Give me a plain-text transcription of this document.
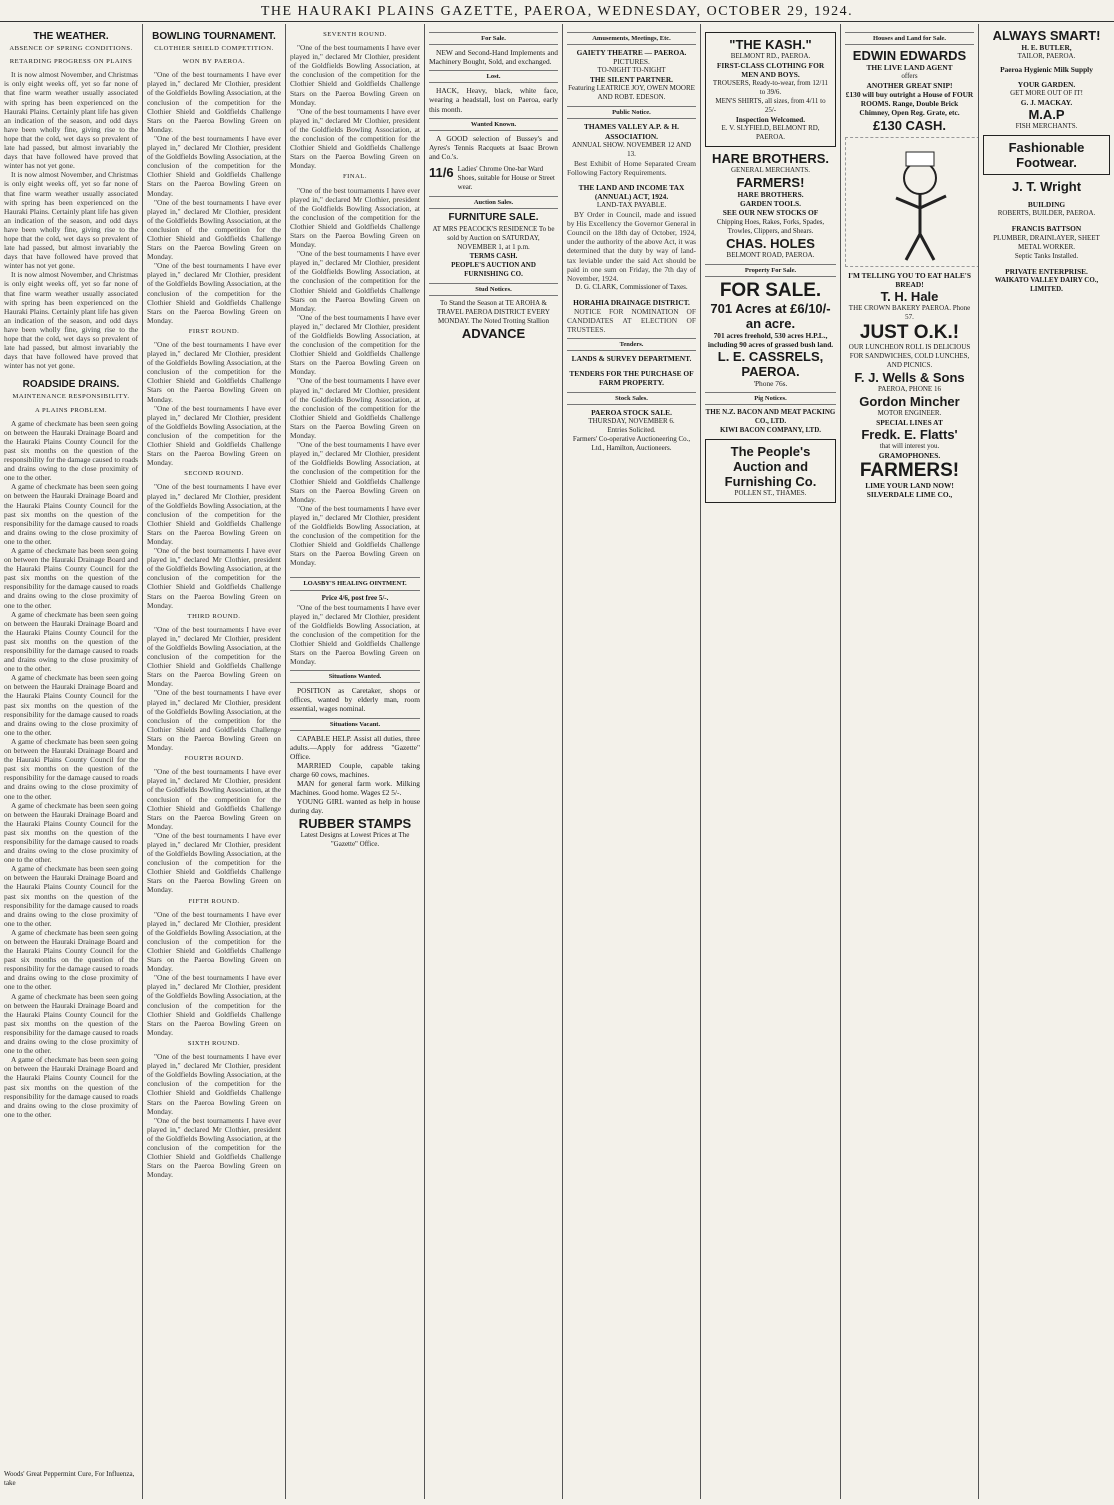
THE HAURAKI PLAINS GAZETTE, PAEROA, WEDNESDAY, OCTOBER 29, 1924.
THE WEATHER.
ABSENCE OF SPRING CONDITIONS.
RETARDING PROGRESS ON PLAINS

It is now almost November, and Christmas is only eight weeks off, yet so far none of that fine warm weather usually associated with spring has been experienced on the Hauraki Plains. Certainly plant life has given an indication of the season, and odd days have been wholly fine, giving rise to the hope that the cold, wet days so prevalent of late had passed, but almost invariably the days that have followed have proved that winter has not yet gone.

It is now almost November, and Christmas is only eight weeks off, yet so far none of that fine warm weather usually associated with spring has been experienced on the Hauraki Plains. Certainly plant life has given an indication of the season, and odd days have been wholly fine, giving rise to the hope that the cold, wet days so prevalent of late had passed, but almost invariably the days that have followed have proved that winter has not yet gone.

It is now almost November, and Christmas is only eight weeks off, yet so far none of that fine warm weather usually associated with spring has been experienced on the Hauraki Plains. Certainly plant life has given an indication of the season, and odd days have been wholly fine, giving rise to the hope that the cold, wet days so prevalent of late had passed, but almost invariably the days that have followed have proved that winter has not yet gone.

ROADSIDE DRAINS.
MAINTENANCE RESPONSIBILITY.
A PLAINS PROBLEM.

A game of checkmate has been seen going on between the Hauraki Drainage Board and the Hauraki Plains County Council for the past six months on the question of the responsibility for the damage caused to roads and drains owing to the close proximity of one to the other.

A game of checkmate has been seen going on between the Hauraki Drainage Board and the Hauraki Plains County Council for the past six months on the question of the responsibility for the damage caused to roads and drains owing to the close proximity of one to the other.

A game of checkmate has been seen going on between the Hauraki Drainage Board and the Hauraki Plains County Council for the past six months on the question of the responsibility for the damage caused to roads and drains owing to the close proximity of one to the other.

A game of checkmate has been seen going on between the Hauraki Drainage Board and the Hauraki Plains County Council for the past six months on the question of the responsibility for the damage caused to roads and drains owing to the close proximity of one to the other.

A game of checkmate has been seen going on between the Hauraki Drainage Board and the Hauraki Plains County Council for the past six months on the question of the responsibility for the damage caused to roads and drains owing to the close proximity of one to the other.

A game of checkmate has been seen going on between the Hauraki Drainage Board and the Hauraki Plains County Council for the past six months on the question of the responsibility for the damage caused to roads and drains owing to the close proximity of one to the other.

A game of checkmate has been seen going on between the Hauraki Drainage Board and the Hauraki Plains County Council for the past six months on the question of the responsibility for the damage caused to roads and drains owing to the close proximity of one to the other.

A game of checkmate has been seen going on between the Hauraki Drainage Board and the Hauraki Plains County Council for the past six months on the question of the responsibility for the damage caused to roads and drains owing to the close proximity of one to the other.

A game of checkmate has been seen going on between the Hauraki Drainage Board and the Hauraki Plains County Council for the past six months on the question of the responsibility for the damage caused to roads and drains owing to the close proximity of one to the other.

A game of checkmate has been seen going on between the Hauraki Drainage Board and the Hauraki Plains County Council for the past six months on the question of the responsibility for the damage caused to roads and drains owing to the close proximity of one to the other.

A game of checkmate has been seen going on between the Hauraki Drainage Board and the Hauraki Plains County Council for the past six months on the question of the responsibility for the damage caused to roads and drains owing to the close proximity of one to the other.

Woods' Great Peppermint Cure, For Influenza, take
BOWLING TOURNAMENT.
CLOTHIER SHIELD COMPETITION.
WON BY PAEROA.

"One of the best tournaments I have ever played in," declared Mr Clothier, president of the Goldfields Bowling Association, at the conclusion of the competition for the Clothier Shield and Goldfields Challenge Stars on the Paeroa Bowling Green on Monday.

"One of the best tournaments I have ever played in," declared Mr Clothier, president of the Goldfields Bowling Association, at the conclusion of the competition for the Clothier Shield and Goldfields Challenge Stars on the Paeroa Bowling Green on Monday.

"One of the best tournaments I have ever played in," declared Mr Clothier, president of the Goldfields Bowling Association, at the conclusion of the competition for the Clothier Shield and Goldfields Challenge Stars on the Paeroa Bowling Green on Monday.

"One of the best tournaments I have ever played in," declared Mr Clothier, president of the Goldfields Bowling Association, at the conclusion of the competition for the Clothier Shield and Goldfields Challenge Stars on the Paeroa Bowling Green on Monday.

FIRST ROUND.

"One of the best tournaments I have ever played in," declared Mr Clothier, president of the Goldfields Bowling Association, at the conclusion of the competition for the Clothier Shield and Goldfields Challenge Stars on the Paeroa Bowling Green on Monday.

"One of the best tournaments I have ever played in," declared Mr Clothier, president of the Goldfields Bowling Association, at the conclusion of the competition for the Clothier Shield and Goldfields Challenge Stars on the Paeroa Bowling Green on Monday.

SECOND ROUND.

"One of the best tournaments I have ever played in," declared Mr Clothier, president of the Goldfields Bowling Association, at the conclusion of the competition for the Clothier Shield and Goldfields Challenge Stars on the Paeroa Bowling Green on Monday.

"One of the best tournaments I have ever played in," declared Mr Clothier, president of the Goldfields Bowling Association, at the conclusion of the competition for the Clothier Shield and Goldfields Challenge Stars on the Paeroa Bowling Green on Monday.

THIRD ROUND.

"One of the best tournaments I have ever played in," declared Mr Clothier, president of the Goldfields Bowling Association, at the conclusion of the competition for the Clothier Shield and Goldfields Challenge Stars on the Paeroa Bowling Green on Monday.

"One of the best tournaments I have ever played in," declared Mr Clothier, president of the Goldfields Bowling Association, at the conclusion of the competition for the Clothier Shield and Goldfields Challenge Stars on the Paeroa Bowling Green on Monday.

FOURTH ROUND.

"One of the best tournaments I have ever played in," declared Mr Clothier, president of the Goldfields Bowling Association, at the conclusion of the competition for the Clothier Shield and Goldfields Challenge Stars on the Paeroa Bowling Green on Monday.

"One of the best tournaments I have ever played in," declared Mr Clothier, president of the Goldfields Bowling Association, at the conclusion of the competition for the Clothier Shield and Goldfields Challenge Stars on the Paeroa Bowling Green on Monday.

FIFTH ROUND.

"One of the best tournaments I have ever played in," declared Mr Clothier, president of the Goldfields Bowling Association, at the conclusion of the competition for the Clothier Shield and Goldfields Challenge Stars on the Paeroa Bowling Green on Monday.

"One of the best tournaments I have ever played in," declared Mr Clothier, president of the Goldfields Bowling Association, at the conclusion of the competition for the Clothier Shield and Goldfields Challenge Stars on the Paeroa Bowling Green on Monday.

SIXTH ROUND.

"One of the best tournaments I have ever played in," declared Mr Clothier, president of the Goldfields Bowling Association, at the conclusion of the competition for the Clothier Shield and Goldfields Challenge Stars on the Paeroa Bowling Green on Monday.

"One of the best tournaments I have ever played in," declared Mr Clothier, president of the Goldfields Bowling Association, at the conclusion of the competition for the Clothier Shield and Goldfields Challenge Stars on the Paeroa Bowling Green on Monday.

SEVENTH ROUND.

"One of the best tournaments I have ever played in," declared Mr Clothier, president of the Goldfields Bowling Association, at the conclusion of the competition for the Clothier Shield and Goldfields Challenge Stars on the Paeroa Bowling Green on Monday.

"One of the best tournaments I have ever played in," declared Mr Clothier, president of the Goldfields Bowling Association, at the conclusion of the competition for the Clothier Shield and Goldfields Challenge Stars on the Paeroa Bowling Green on Monday.

FINAL.

"One of the best tournaments I have ever played in," declared Mr Clothier, president of the Goldfields Bowling Association, at the conclusion of the competition for the Clothier Shield and Goldfields Challenge Stars on the Paeroa Bowling Green on Monday.

"One of the best tournaments I have ever played in," declared Mr Clothier, president of the Goldfields Bowling Association, at the conclusion of the competition for the Clothier Shield and Goldfields Challenge Stars on the Paeroa Bowling Green on Monday.

"One of the best tournaments I have ever played in," declared Mr Clothier, president of the Goldfields Bowling Association, at the conclusion of the competition for the Clothier Shield and Goldfields Challenge Stars on the Paeroa Bowling Green on Monday.

"One of the best tournaments I have ever played in," declared Mr Clothier, president of the Goldfields Bowling Association, at the conclusion of the competition for the Clothier Shield and Goldfields Challenge Stars on the Paeroa Bowling Green on Monday.

"One of the best tournaments I have ever played in," declared Mr Clothier, president of the Goldfields Bowling Association, at the conclusion of the competition for the Clothier Shield and Goldfields Challenge Stars on the Paeroa Bowling Green on Monday.

"One of the best tournaments I have ever played in," declared Mr Clothier, president of the Goldfields Bowling Association, at the conclusion of the competition for the Clothier Shield and Goldfields Challenge Stars on the Paeroa Bowling Green on Monday.

LOASBY'S HEALING OINTMENT.
Price 4/6, post free 5/-.

"One of the best tournaments I have ever played in," declared Mr Clothier, president of the Goldfields Bowling Association, at the conclusion of the competition for the Clothier Shield and Goldfields Challenge Stars on the Paeroa Bowling Green on Monday.

Situations Wanted.

POSITION as Caretaker, shops or offices, wanted by elderly man, room essential, wages nominal.

Situations Vacant.

CAPABLE HELP. Assist all duties, three adults.—Apply for address "Gazette" Office.

MARRIED Couple, capable taking charge 60 cows, machines.

MAN for general farm work. Milking Machines. Good home. Wages £2 5/-.

YOUNG GIRL wanted as help in house during day.

RUBBER STAMPS
Latest Designs at Lowest Prices at The "Gazette" Office.
For Sale.

NEW and Second-Hand Implements and Machinery Bought, Sold, and exchanged.

Lost.

HACK, Heavy, black, white face, wearing a headstall, lost on Paeroa, early this month.

Wanted Known.

A GOOD selection of Bussey's and Ayres's Tennis Racquets at Isaac Brown and Co.'s.

11/6 Ladies' Chrome One-bar Ward Shoes, suitable for House or Street wear.
Auction Sales.
FURNITURE SALE.

AT MRS PEACOCK'S RESIDENCE To be sold by Auction on SATURDAY, NOVEMBER 1, at 1 p.m.

TERMS CASH.
PEOPLE'S AUCTION AND FURNISHING CO.
Stud Notices.

To Stand the Season at TE AROHA & TRAVEL PAEROA DISTRICT EVERY MONDAY. The Noted Trotting Stallion

ADVANCE
Amusements, Meetings, Etc.
GAIETY THEATRE — PAEROA.
PICTURES.
TO-NIGHT TO-NIGHT
THE SILENT PARTNER.
Featuring LEATRICE JOY, OWEN MOORE AND ROBT. EDESON.
Public Notice.
THAMES VALLEY A.P. & H. ASSOCIATION.
ANNUAL SHOW. NOVEMBER 12 AND 13.

Best Exhibit of Home Separated Cream Following Factory Requirements.

THE LAND AND INCOME TAX (ANNUAL) ACT, 1924.
LAND-TAX PAYABLE.

BY Order in Council, made and issued by His Excellency the Governor General in Council on the 18th day of October, 1924, under the authority of the above Act, it was determined that the duty by way of land-tax leviable under the said Act should be paid in one sum on Friday, the 7th day of November, 1924.

D. G. CLARK, Commissioner of Taxes.
HORAHIA DRAINAGE DISTRICT.

NOTICE FOR NOMINATION OF CANDIDATES AT ELECTION OF TRUSTEES.

Tenders.
LANDS & SURVEY DEPARTMENT.
TENDERS FOR THE PURCHASE OF FARM PROPERTY.
Stock Sales.
PAEROA STOCK SALE.
THURSDAY, NOVEMBER 6.
Entries Solicited.
Farmers' Co-operative Auctioneering Co., Ltd., Hamilton, Auctioneers.
"THE KASH."
BELMONT RD., PAEROA.
FIRST-CLASS CLOTHING FOR MEN AND BOYS.
TROUSERS, Ready-to-wear, from 12/11 to 39/6.
MEN'S SHIRTS, all sizes, from 4/11 to 25/-
Inspection Welcomed.
E. V. SLYFIELD, BELMONT RD, PAEROA.
HARE BROTHERS.
GENERAL MERCHANTS.
FARMERS!
HARE BROTHERS.
GARDEN TOOLS.
SEE OUR NEW STOCKS OF
Chipping Hoes, Rakes, Forks, Spades, Trowles, Clippers, and Shears.
CHAS. HOLES
BELMONT ROAD, PAEROA.
Property For Sale.
FOR SALE.
701 Acres at £6/10/- an acre.
701 acres freehold, 530 acres H.P.L., including 90 acres of grassed bush land.
L. E. CASSRELS, PAEROA.
'Phone 76s.
Pig Notices.
THE N.Z. BACON AND MEAT PACKING CO., LTD.
KIWI BACON COMPANY, LTD.
The People's Auction and Furnishing Co.
POLLEN ST., THAMES.
Houses and Land for Sale.
EDWIN EDWARDS
THE LIVE LAND AGENT
offers
ANOTHER GREAT SNIP!
£130 will buy outright a House of FOUR ROOMS. Range, Double Brick Chimney, Open Reg. Grate, etc.
£130 CASH.
I'M TELLING YOU TO EAT HALE'S BREAD!
T. H. Hale
THE CROWN BAKERY PAEROA. Phone 57.
JUST O.K.!
OUR LUNCHEON ROLL IS DELICIOUS FOR SANDWICHES, COLD LUNCHES, AND PICNICS.
F. J. Wells & Sons
PAEROA, PHONE 16
Gordon Mincher
MOTOR ENGINEER.
SPECIAL LINES AT
Fredk. E. Flatts'
that will interest you.
GRAMOPHONES.
FARMERS!
LIME YOUR LAND NOW!
SILVERDALE LIME CO.,
ALWAYS SMART!
H. E. BUTLER,
TAILOR, PAEROA.
Paeroa Hygienic Milk Supply
YOUR GARDEN.
GET MORE OUT OF IT!
G. J. MACKAY.
M.A.P
FISH MERCHANTS.
Fashionable Footwear.
J. T. Wright
BUILDING
ROBERTS, BUILDER, PAEROA.
FRANCIS BATTSON
PLUMBER, DRAINLAYER, SHEET METAL WORKER.
Septic Tanks Installed.
PRIVATE ENTERPRISE.
WAIKATO VALLEY DAIRY CO., LIMITED.
